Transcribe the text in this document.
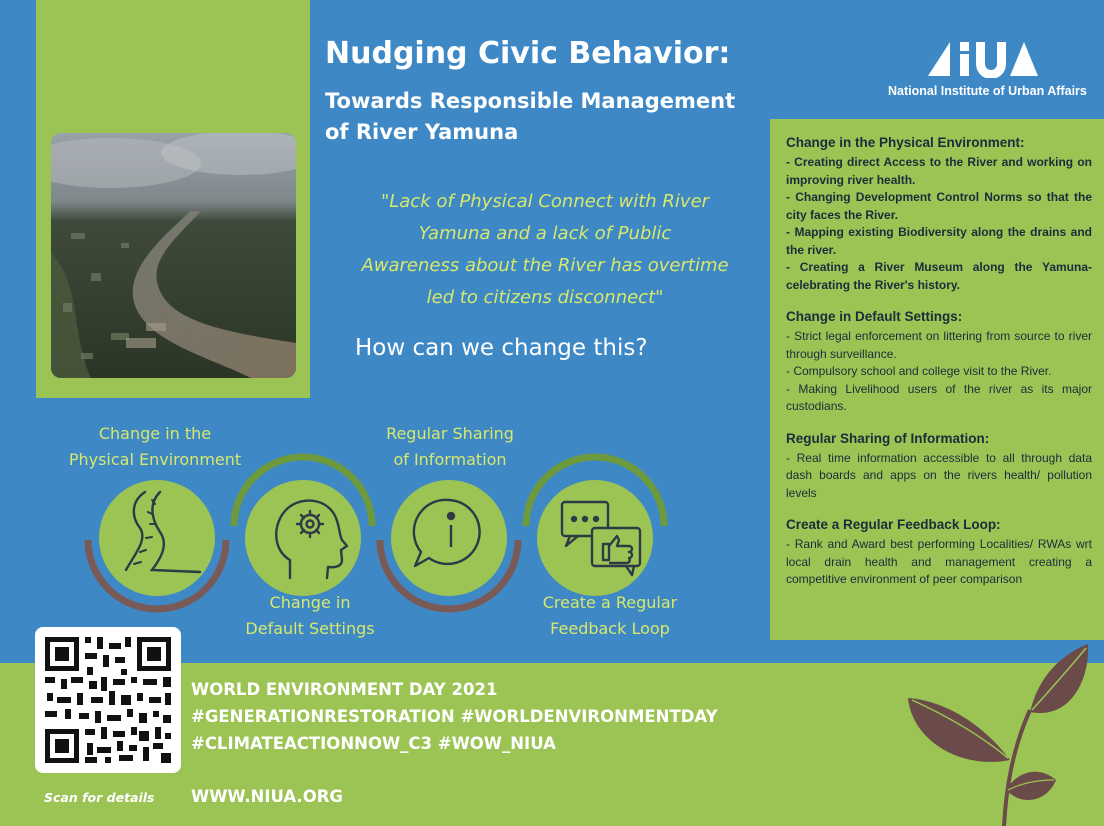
Nudging Civic Behavior:
Towards Responsible Management
of River Yamuna
National Institute of Urban Affairs
"Lack of Physical Connect with River
Yamuna and a lack of Public
Awareness about the River has overtime
led to citizens disconnect"
How can we change this?
Change in the
Physical Environment
Change in
Default Settings
Regular Sharing
of Information
Create a Regular
Feedback Loop
Change in the Physical Environment:
- Creating direct Access to the River and working on improving river health.
- Changing Development Control Norms so that the city faces the River.
- Mapping existing Biodiversity along the drains and the river.
- Creating a River Museum along the Yamuna- celebrating the River's history.
Change in Default Settings:
- Strict legal enforcement on littering from source to river through surveillance.
- Compulsory school and college visit to the River.
- Making Livelihood users of the river as its major custodians.
Regular Sharing of Information:
- Real time information accessible to all through data dash boards and apps on the rivers health/ pollution levels
Create a Regular Feedback Loop:
- Rank and Award best performing Localities/ RWAs wrt local drain health and management creating a competitive environment of peer comparison
Scan for details
WORLD ENVIRONMENT DAY 2021
#GENERATIONRESTORATION #WORLDENVIRONMENTDAY
#CLIMATEACTIONNOW_C3 #WOW_NIUA
WWW.NIUA.ORG
